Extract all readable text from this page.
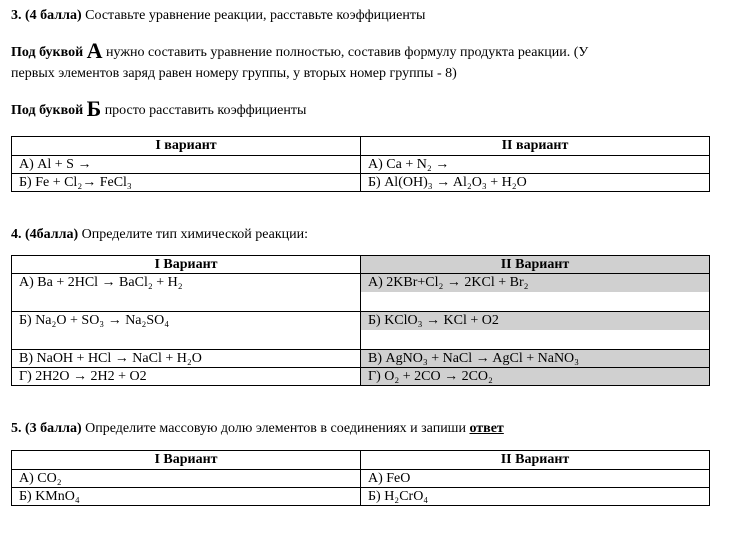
3. (4 балла) Составьте уравнение реакции, расставьте коэффициенты
Под буквой А нужно составить уравнение полностью, составив формулу продукта реакции. (У
первых элементов заряд равен номеру группы, у вторых номер группы - 8)
Под буквой Б просто расставить коэффициенты
I вариант	II вариант
А) Al + S →	А) Ca + N₂ →
Б) Fe + Cl₂→ FeCl₃	Б) Al(OH)₃ → Al₂O₃ + H₂O
4. (4балла) Определите тип химической реакции:
I Вариант	II Вариант
А) Ba + 2HCl → BaCl₂ + H₂	А) 2KBr+Cl₂ → 2KCl + Br₂

Б) Na₂O + SO₃ → Na₂SO₄	Б) KClO₃ → KCl + O2

В) NaOH + HCl → NaCl + H₂O	В) AgNO₃ + NaCl → AgCl + NaNO₃
Г) 2H2O → 2H2 + O2	Г) O₂ + 2CO → 2CO₂
5. (3 балла) Определите массовую долю элементов в соединениях и запиши ответ
I Вариант	II Вариант
А) CO₂	А) FeO
Б) KMnO₄	Б) H₂CrO₄
